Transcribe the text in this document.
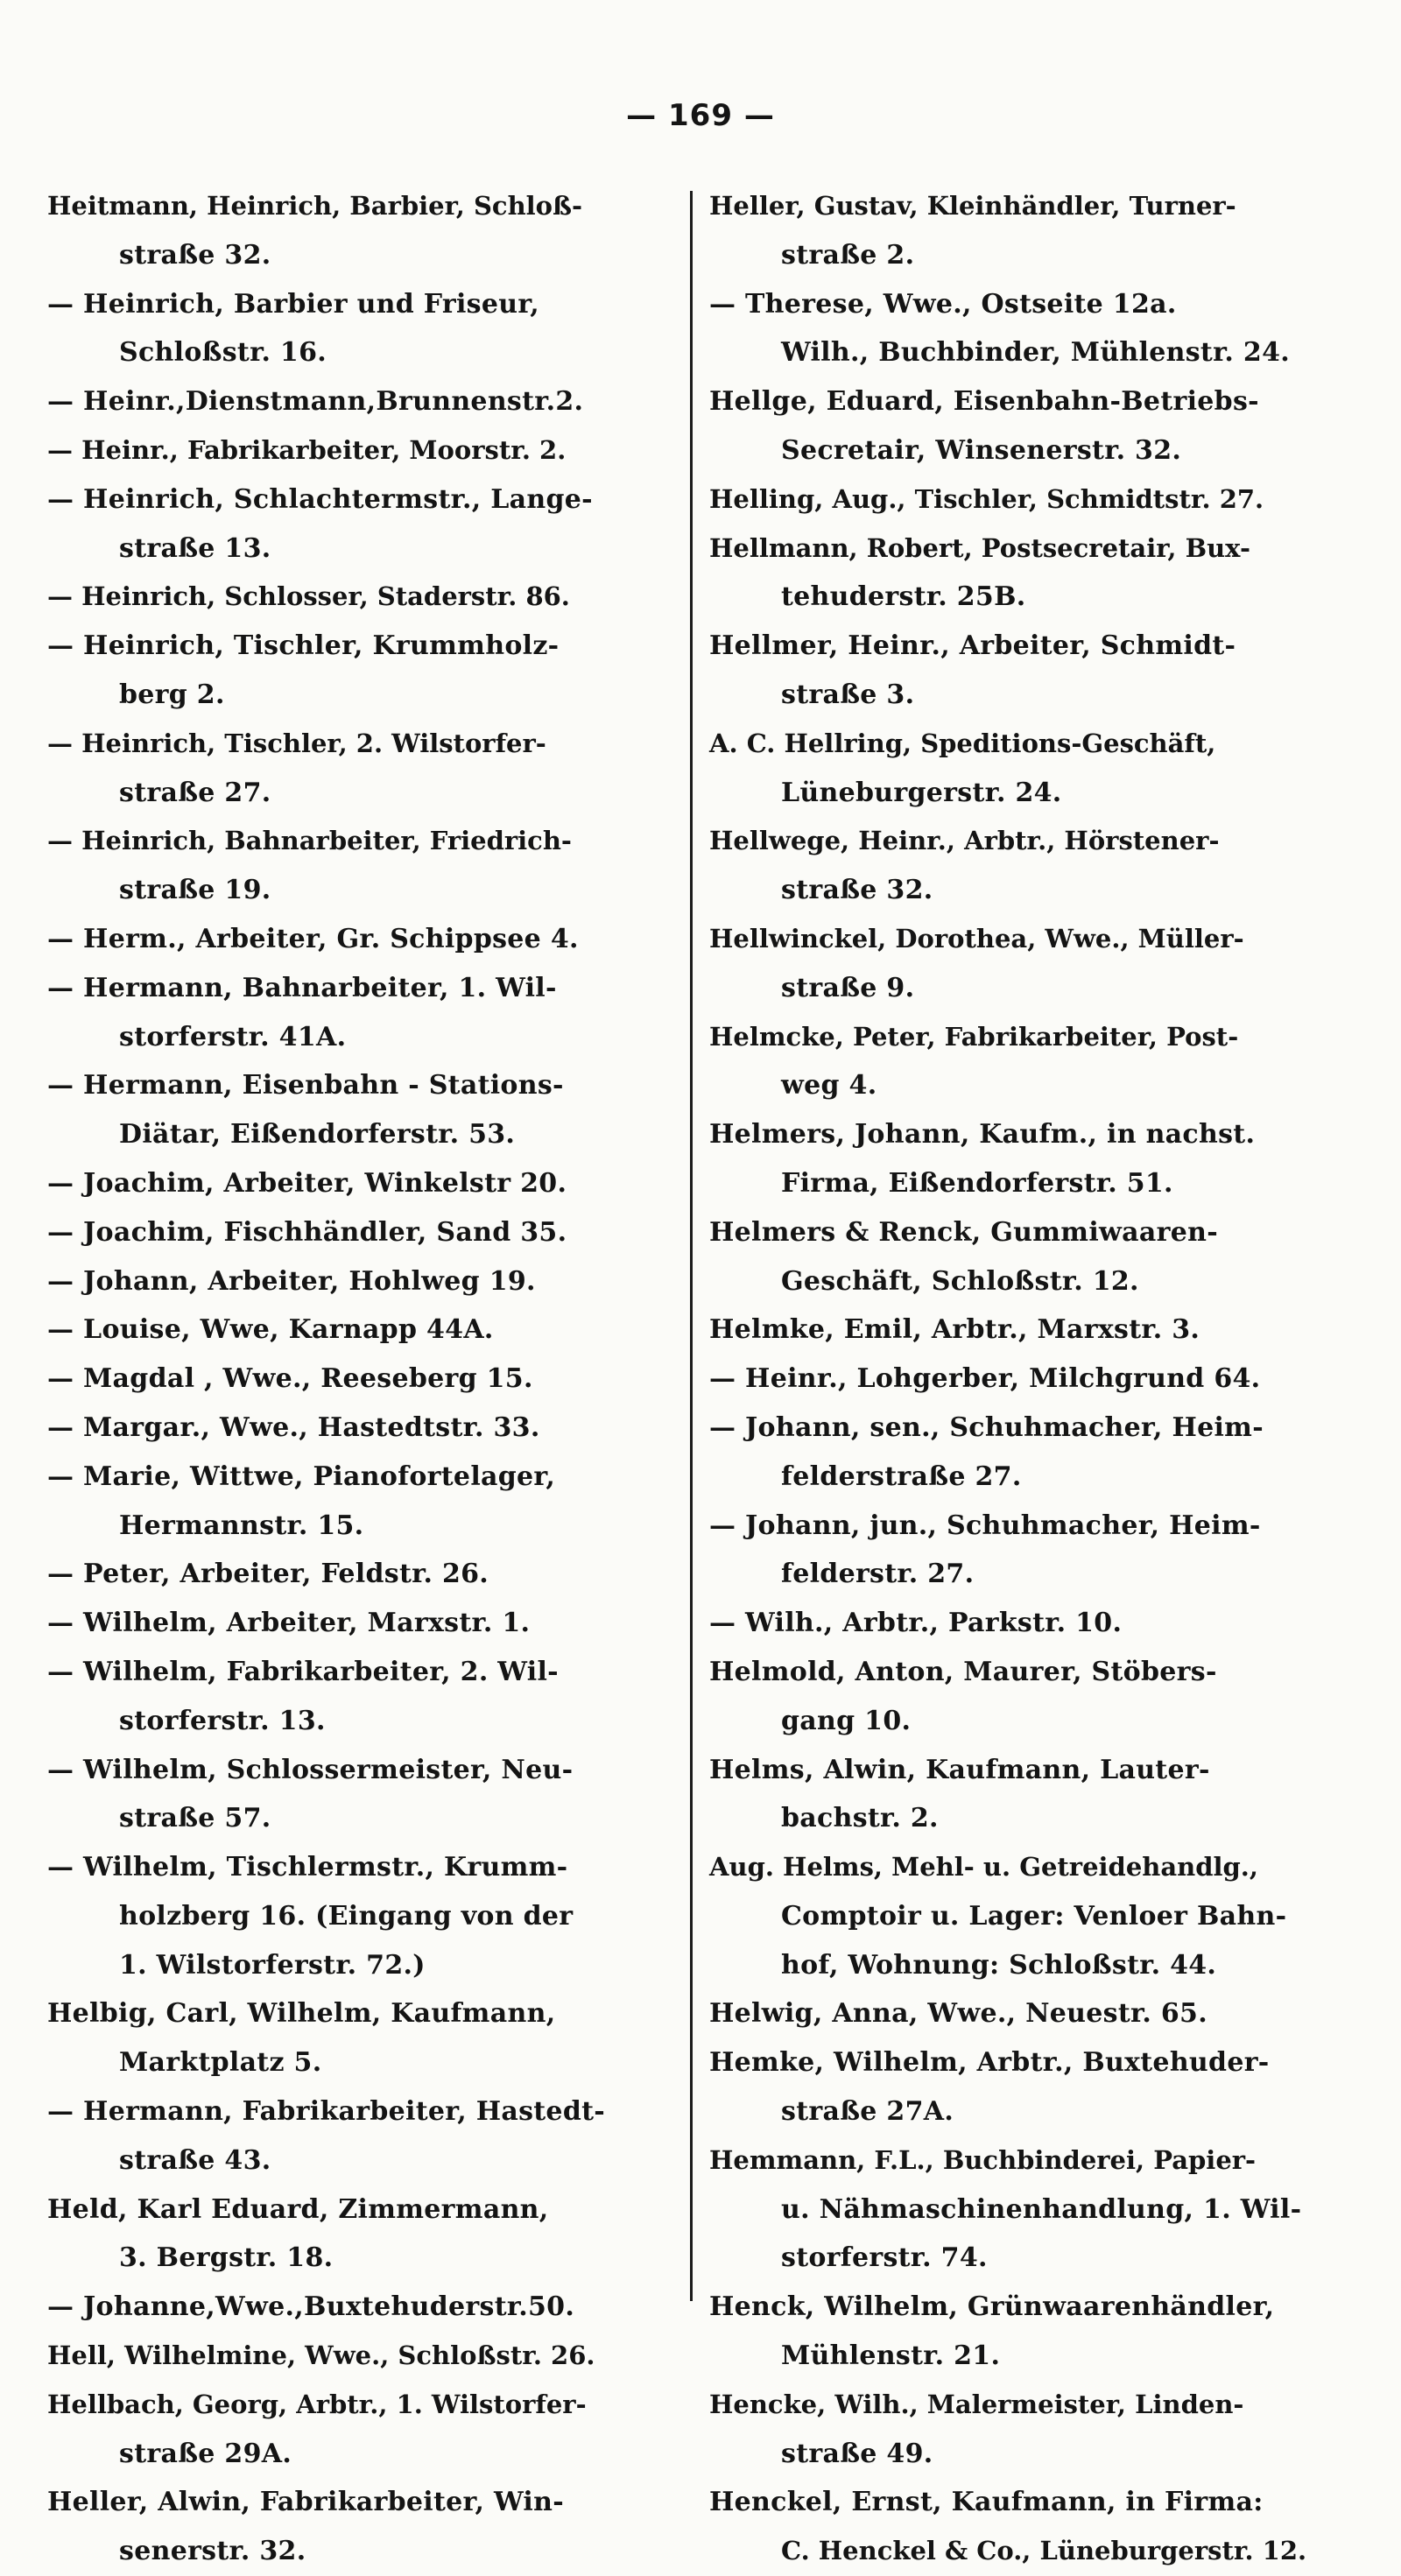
— 169 —
Heitmann, Heinrich, Barbier, Schloß-
straße 32.
— Heinrich, Barbier und Friseur,
Schloßstr. 16.
— Heinr.,Dienstmann,Brunnenstr.2.
— Heinr., Fabrikarbeiter, Moorstr. 2.
— Heinrich, Schlachtermstr., Lange-
straße 13.
— Heinrich, Schlosser, Staderstr. 86.
— Heinrich, Tischler, Krummholz-
berg 2.
— Heinrich, Tischler, 2. Wilstorfer-
straße 27.
— Heinrich, Bahnarbeiter, Friedrich-
straße 19.
— Herm., Arbeiter, Gr. Schippsee 4.
— Hermann, Bahnarbeiter, 1. Wil-
storferstr. 41A.
— Hermann, Eisenbahn - Stations-
Diätar, Eißendorferstr. 53.
— Joachim, Arbeiter, Winkelstr 20.
— Joachim, Fischhändler, Sand 35.
— Johann, Arbeiter, Hohlweg 19.
— Louise, Wwe, Karnapp 44A.
— Magdal , Wwe., Reeseberg 15.
— Margar., Wwe., Hastedtstr. 33.
— Marie, Wittwe, Pianofortelager,
Hermannstr. 15.
— Peter, Arbeiter, Feldstr. 26.
— Wilhelm, Arbeiter, Marxstr. 1.
— Wilhelm, Fabrikarbeiter, 2. Wil-
storferstr. 13.
— Wilhelm, Schlossermeister, Neu-
straße 57.
— Wilhelm, Tischlermstr., Krumm-
holzberg 16. (Eingang von der
1. Wilstorferstr. 72.)
Helbig, Carl, Wilhelm, Kaufmann,
Marktplatz 5.
— Hermann, Fabrikarbeiter, Hastedt-
straße 43.
Held, Karl Eduard, Zimmermann,
3. Bergstr. 18.
— Johanne,Wwe.,Buxtehuderstr.50.
Hell, Wilhelmine, Wwe., Schloßstr. 26.
Hellbach, Georg, Arbtr., 1. Wilstorfer-
straße 29A.
Heller, Alwin, Fabrikarbeiter, Win-
senerstr. 32.
Heller, Gustav, Kleinhändler, Turner-
straße 2.
— Therese, Wwe., Ostseite 12a.
Wilh., Buchbinder, Mühlenstr. 24.
Hellge, Eduard, Eisenbahn-Betriebs-
Secretair, Winsenerstr. 32.
Helling, Aug., Tischler, Schmidtstr. 27.
Hellmann, Robert, Postsecretair, Bux-
tehuderstr. 25B.
Hellmer, Heinr., Arbeiter, Schmidt-
straße 3.
A. C. Hellring, Speditions-Geschäft,
Lüneburgerstr. 24.
Hellwege, Heinr., Arbtr., Hörstener-
straße 32.
Hellwinckel, Dorothea, Wwe., Müller-
straße 9.
Helmcke, Peter, Fabrikarbeiter, Post-
weg 4.
Helmers, Johann, Kaufm., in nachst.
Firma, Eißendorferstr. 51.
Helmers & Renck, Gummiwaaren-
Geschäft, Schloßstr. 12.
Helmke, Emil, Arbtr., Marxstr. 3.
— Heinr., Lohgerber, Milchgrund 64.
— Johann, sen., Schuhmacher, Heim-
felderstraße 27.
— Johann, jun., Schuhmacher, Heim-
felderstr. 27.
— Wilh., Arbtr., Parkstr. 10.
Helmold, Anton, Maurer, Stöbers-
gang 10.
Helms, Alwin, Kaufmann, Lauter-
bachstr. 2.
Aug. Helms, Mehl- u. Getreidehandlg.,
Comptoir u. Lager: Venloer Bahn-
hof, Wohnung: Schloßstr. 44.
Helwig, Anna, Wwe., Neuestr. 65.
Hemke, Wilhelm, Arbtr., Buxtehuder-
straße 27A.
Hemmann, F.L., Buchbinderei, Papier-
u. Nähmaschinenhandlung, 1. Wil-
storferstr. 74.
Henck, Wilhelm, Grünwaarenhändler,
Mühlenstr. 21.
Hencke, Wilh., Malermeister, Linden-
straße 49.
Henckel, Ernst, Kaufmann, in Firma:
C. Henckel & Co., Lüneburgerstr. 12.
